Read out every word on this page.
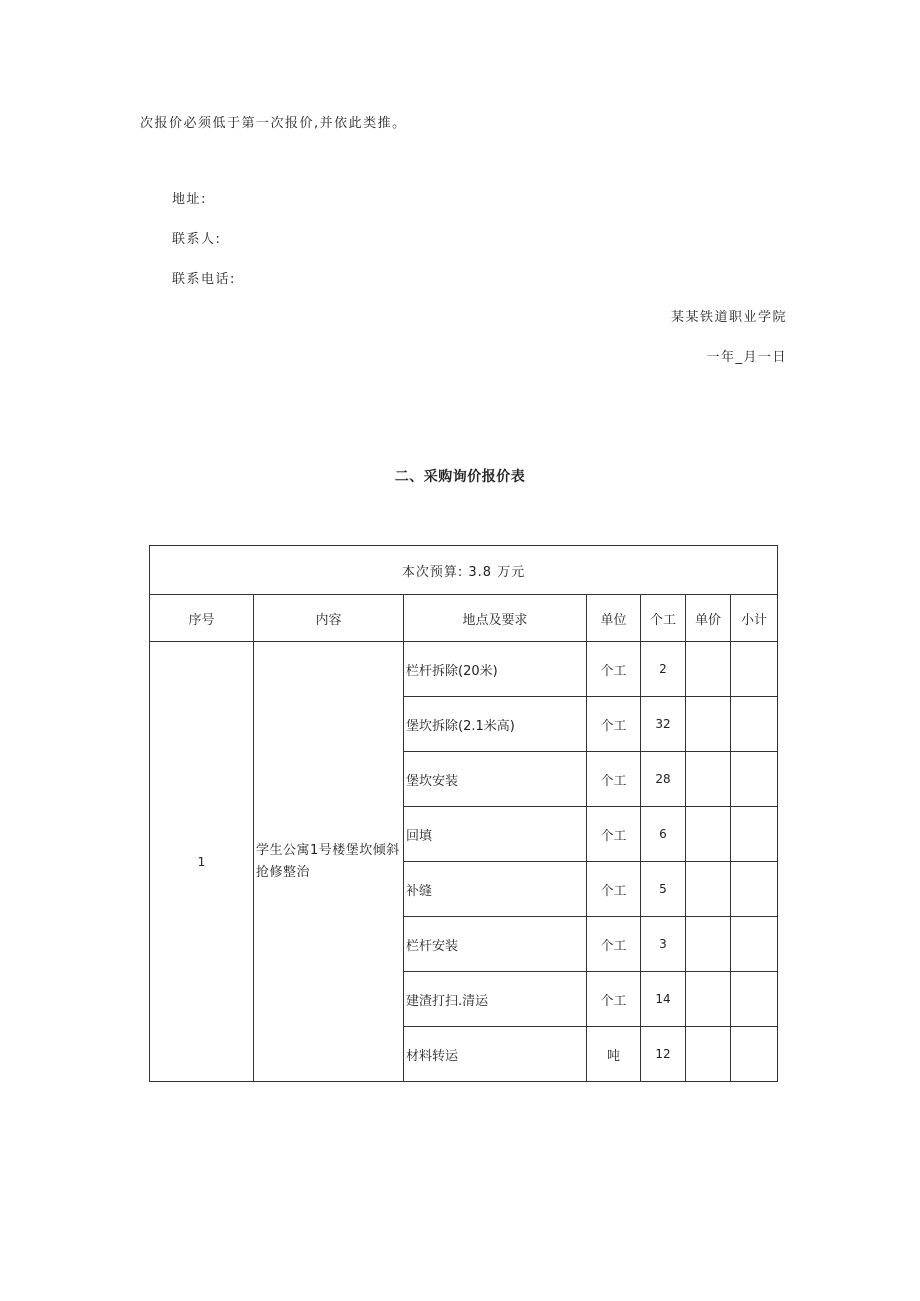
次报价必须低于第一次报价,并依此类推。
地址:
联系人:
联系电话:
某某铁道职业学院
一年_月一日
二、采购询价报价表
本次预算: 3.8 万元						
序号	内容	地点及要求	单位	个工	单价	小计
1	学生公寓1号楼堡坎倾斜抢修整治	栏杆拆除(20米)	个工	2		
		堡坎拆除(2.1米高)	个工	32		
		堡坎安装	个工	28		
		回填	个工	6		
		补缝	个工	5		
		栏杆安装	个工	3		
		建渣打扫.清运	个工	14		
		材料转运	吨	12		
